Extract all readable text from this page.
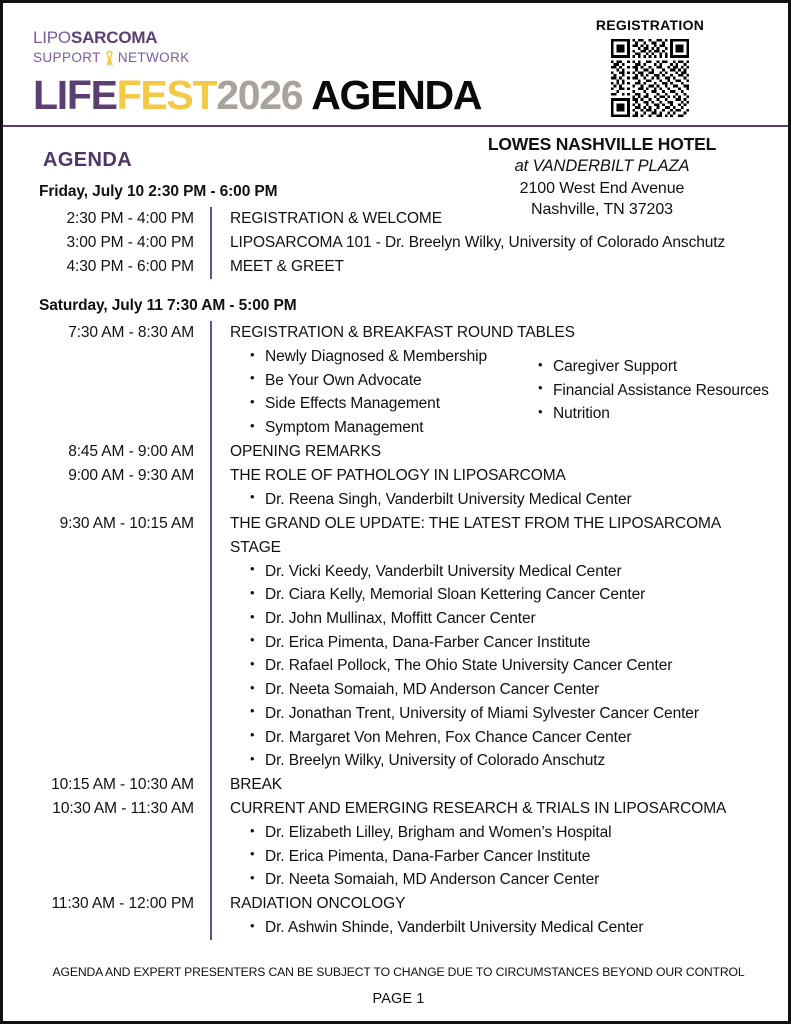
LIPOSARCOMA
SUPPORT NETWORK
LIFEFEST2026 AGENDA
REGISTRATION
AGENDA
LOWES NASHVILLE HOTEL
at VANDERBILT PLAZA
2100 West End Avenue
Nashville, TN 37203
Friday, July 10 2:30 PM - 6:00 PM
2:30 PM - 4:00 PM	REGISTRATION & WELCOME

3:00 PM - 4:00 PM	LIPOSARCOMA 101 - Dr. Breelyn Wilky, University of Colorado Anschutz

4:30 PM - 6:00 PM	MEET & GREET
Saturday, July 11 7:30 AM - 5:00 PM
7:30 AM - 8:30 AM	REGISTRATION & BREAKFAST ROUND TABLES
• Newly Diagnosed & Membership
• Be Your Own Advocate
• Side Effects Management
• Symptom Management
• Caregiver Support
• Financial Assistance Resources
• Nutrition

8:45 AM - 9:00 AM	OPENING REMARKS

9:00 AM - 9:30 AM	THE ROLE OF PATHOLOGY IN LIPOSARCOMA
• Dr. Reena Singh, Vanderbilt University Medical Center

9:30 AM - 10:15 AM	THE GRAND OLE UPDATE: THE LATEST FROM THE LIPOSARCOMA STAGE
• Dr. Vicki Keedy, Vanderbilt University Medical Center
• Dr. Ciara Kelly, Memorial Sloan Kettering Cancer Center
• Dr. John Mullinax, Moffitt Cancer Center
• Dr. Erica Pimenta, Dana-Farber Cancer Institute
• Dr. Rafael Pollock, The Ohio State University Cancer Center
• Dr. Neeta Somaiah, MD Anderson Cancer Center
• Dr. Jonathan Trent, University of Miami Sylvester Cancer Center
• Dr. Margaret Von Mehren, Fox Chance Cancer Center
• Dr. Breelyn Wilky, University of Colorado Anschutz

10:15 AM - 10:30 AM	BREAK

10:30 AM - 11:30 AM	CURRENT AND EMERGING RESEARCH & TRIALS IN LIPOSARCOMA
• Dr. Elizabeth Lilley, Brigham and Women’s Hospital
• Dr. Erica Pimenta, Dana-Farber Cancer Institute
• Dr. Neeta Somaiah, MD Anderson Cancer Center

11:30 AM - 12:00 PM	RADIATION ONCOLOGY
• Dr. Ashwin Shinde, Vanderbilt University Medical Center
AGENDA AND EXPERT PRESENTERS CAN BE SUBJECT TO CHANGE DUE TO CIRCUMSTANCES BEYOND OUR CONTROL
PAGE 1
